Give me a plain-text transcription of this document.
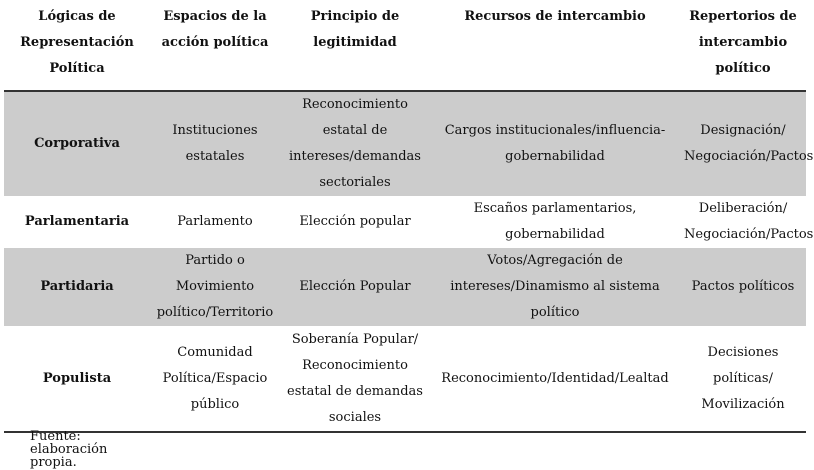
Lógicas de Representación Política	Espacios de la acción política	Principio de legitimidad	Recursos de intercambio	Repertorios de intercambio político
Corporativa	Instituciones estatales	Reconocimiento estatal de intereses/demandas sectoriales	Cargos institucionales/influencia-gobernabilidad	Designación/ Negociación/Pactos
Parlamentaria	Parlamento	Elección popular	Escaños parlamentarios, gobernabilidad	Deliberación/ Negociación/Pactos
Partidaria	Partido o Movimiento político/Territorio	Elección Popular	Votos/Agregación de intereses/Dinamismo al sistema político	Pactos políticos
Populista	Comunidad Política/Espacio público	Soberanía Popular/ Reconocimiento estatal de demandas sociales	Reconocimiento/Identidad/Lealtad	Decisiones políticas/ Movilización
Fuente: elaboración propia.
